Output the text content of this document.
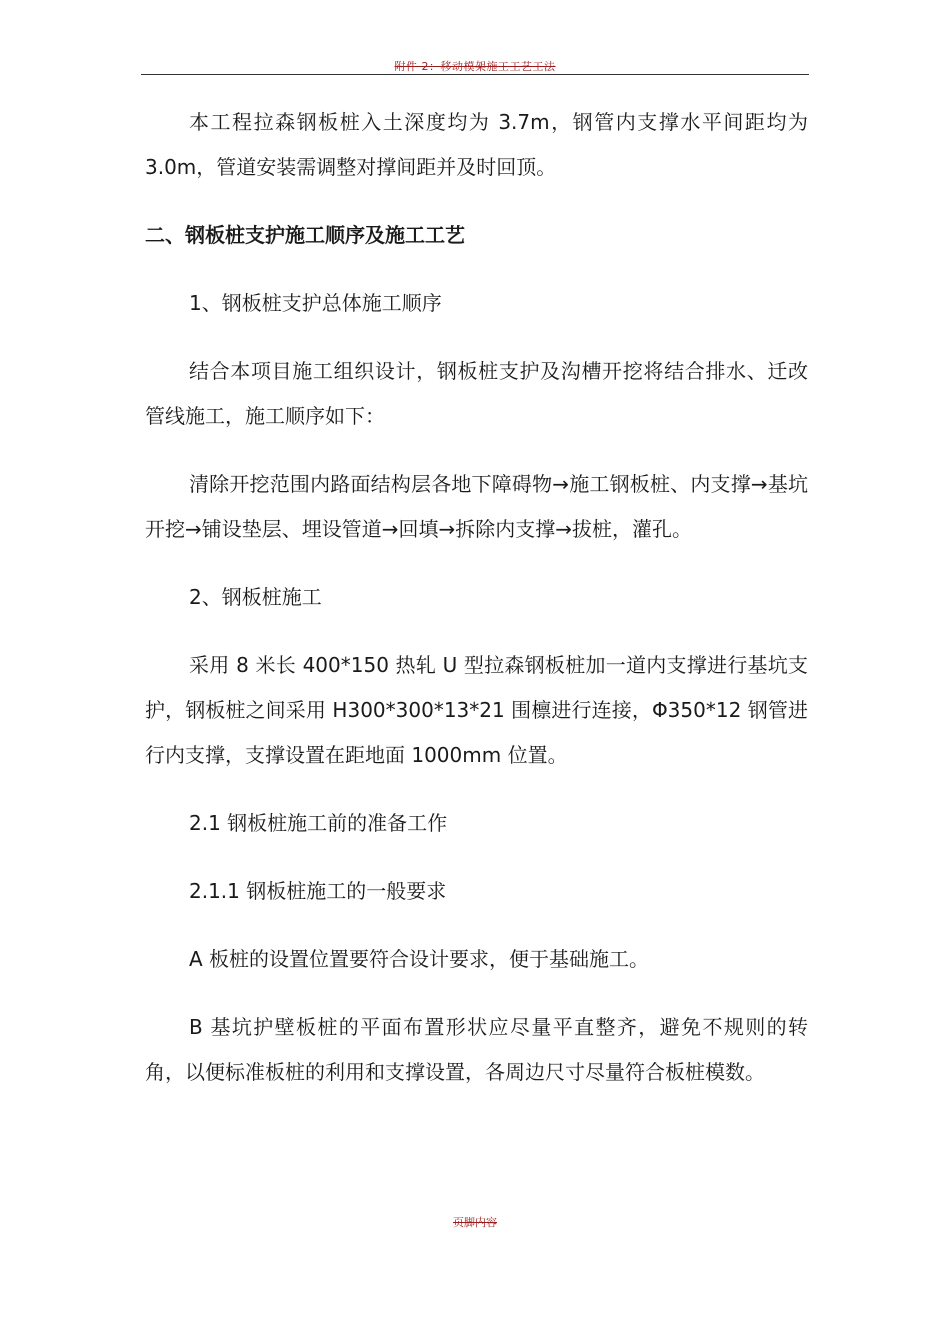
附件 2：移动模架施工工艺工法

本工程拉森钢板桩入土深度均为 3.7m，钢管内支撑水平间距均为 3.0m，管道安装需调整对撑间距并及时回顶。

二、钢板桩支护施工顺序及施工工艺

1、钢板桩支护总体施工顺序

结合本项目施工组织设计，钢板桩支护及沟槽开挖将结合排水、迁改管线施工，施工顺序如下：

清除开挖范围内路面结构层各地下障碍物→施工钢板桩、内支撑→基坑开挖→铺设垫层、埋设管道→回填→拆除内支撑→拔桩，灌孔。

2、钢板桩施工

采用 8 米长 400*150 热轧 U 型拉森钢板桩加一道内支撑进行基坑支护，钢板桩之间采用 H300*300*13*21 围檩进行连接，Φ350*12 钢管进行内支撑，支撑设置在距地面 1000mm 位置。

2.1 钢板桩施工前的准备工作

2.1.1 钢板桩施工的一般要求

A 板桩的设置位置要符合设计要求，便于基础施工。

B 基坑护壁板桩的平面布置形状应尽量平直整齐，避免不规则的转角，以便标准板桩的利用和支撑设置，各周边尺寸尽量符合板桩模数。

页脚内容
